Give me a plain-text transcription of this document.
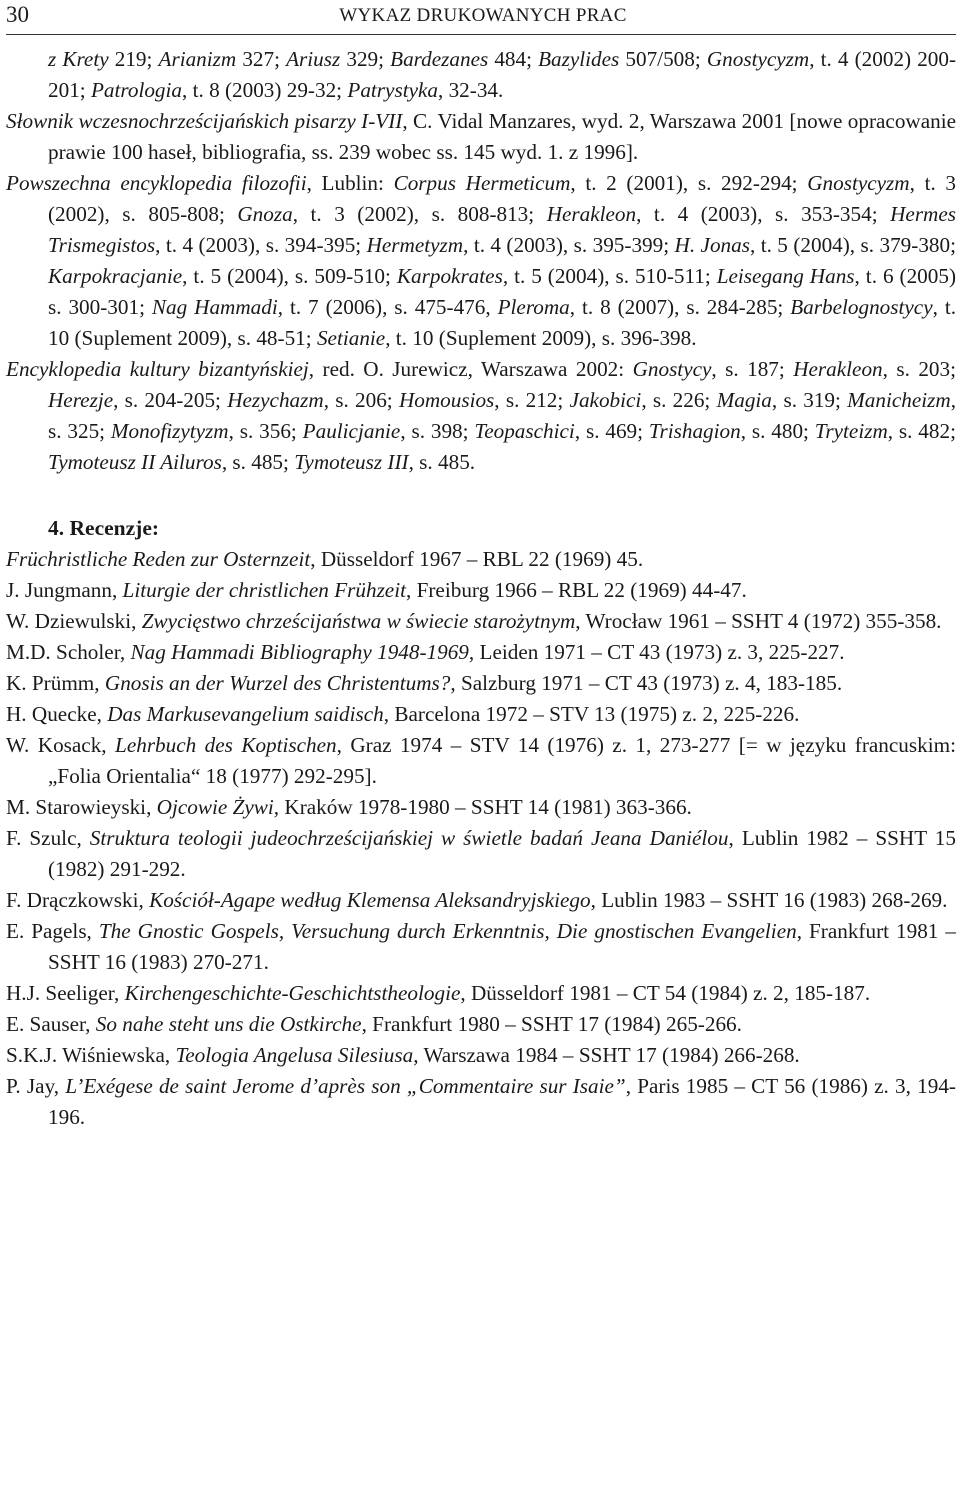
30	WYKAZ DRUKOWANYCH PRAC

z Krety 219; Arianizm 327; Ariusz 329; Bardezanes 484; Bazylides 507/508; Gnostycyzm, t. 4 (2002) 200-201; Patrologia, t. 8 (2003) 29-32; Patrystyka, 32-34.

Słownik wczesnochrześcijańskich pisarzy I-VII, C. Vidal Manzares, wyd. 2, Warszawa 2001 [nowe opracowanie prawie 100 haseł, bibliografia, ss. 239 wobec ss. 145 wyd. 1. z 1996].

Powszechna encyklopedia filozofii, Lublin: Corpus Hermeticum, t. 2 (2001), s. 292-294; Gnostycyzm, t. 3 (2002), s. 805-808; Gnoza, t. 3 (2002), s. 808-813; Herakleon, t. 4 (2003), s. 353-354; Hermes Trismegistos, t. 4 (2003), s. 394-395; Hermetyzm, t. 4 (2003), s. 395-399; H. Jonas, t. 5 (2004), s. 379-380; Karpokracjanie, t. 5 (2004), s. 509-510; Karpokrates, t. 5 (2004), s. 510-511; Leisegang Hans, t. 6 (2005) s. 300-301; Nag Hammadi, t. 7 (2006), s. 475-476, Pleroma, t. 8 (2007), s. 284-285; Barbelognostycy, t. 10 (Suplement 2009), s. 48-51; Setianie, t. 10 (Suplement 2009), s. 396-398.

Encyklopedia kultury bizantyńskiej, red. O. Jurewicz, Warszawa 2002: Gnostycy, s. 187; Herakleon, s. 203; Herezje, s. 204-205; Hezychazm, s. 206; Homousios, s. 212; Jakobici, s. 226; Magia, s. 319; Manicheizm, s. 325; Monofizytyzm, s. 356; Paulicjanie, s. 398; Teopaschici, s. 469; Trishagion, s. 480; Tryteizm, s. 482; Tymoteusz II Ailuros, s. 485; Tymoteusz III, s. 485.

4. Recenzje:

Früchristliche Reden zur Osternzeit, Düsseldorf 1967 – RBL 22 (1969) 45.

J. Jungmann, Liturgie der christlichen Frühzeit, Freiburg 1966 – RBL 22 (1969) 44-47.

W. Dziewulski, Zwycięstwo chrześcijaństwa w świecie starożytnym, Wrocław 1961 – SSHT 4 (1972) 355-358.

M.D. Scholer, Nag Hammadi Bibliography 1948-1969, Leiden 1971 – CT 43 (1973) z. 3, 225-227.

K. Prümm, Gnosis an der Wurzel des Christentums?, Salzburg 1971 – CT 43 (1973) z. 4, 183-185.

H. Quecke, Das Markusevangelium saidisch, Barcelona 1972 – STV 13 (1975) z. 2, 225-226.

W. Kosack, Lehrbuch des Koptischen, Graz 1974 – STV 14 (1976) z. 1, 273-277 [= w języku francuskim: „Folia Orientalia“ 18 (1977) 292-295].

M. Starowieyski, Ojcowie Żywi, Kraków 1978-1980 – SSHT 14 (1981) 363-366.

F. Szulc, Struktura teologii judeochrześcijańskiej w świetle badań Jeana Daniélou, Lublin 1982 – SSHT 15 (1982) 291-292.

F. Drączkowski, Kościół-Agape według Klemensa Aleksandryjskiego, Lublin 1983 – SSHT 16 (1983) 268-269.

E. Pagels, The Gnostic Gospels, Versuchung durch Erkenntnis, Die gnostischen Evangelien, Frankfurt 1981 – SSHT 16 (1983) 270-271.

H.J. Seeliger, Kirchengeschichte-Geschichtstheologie, Düsseldorf 1981 – CT 54 (1984) z. 2, 185-187.

E. Sauser, So nahe steht uns die Ostkirche, Frankfurt 1980 – SSHT 17 (1984) 265-266.

S.K.J. Wiśniewska, Teologia Angelusa Silesiusa, Warszawa 1984 – SSHT 17 (1984) 266-268.

P. Jay, L’Exégese de saint Jerome d’après son „Commentaire sur Isaie”, Paris 1985 – CT 56 (1986) z. 3, 194-196.
